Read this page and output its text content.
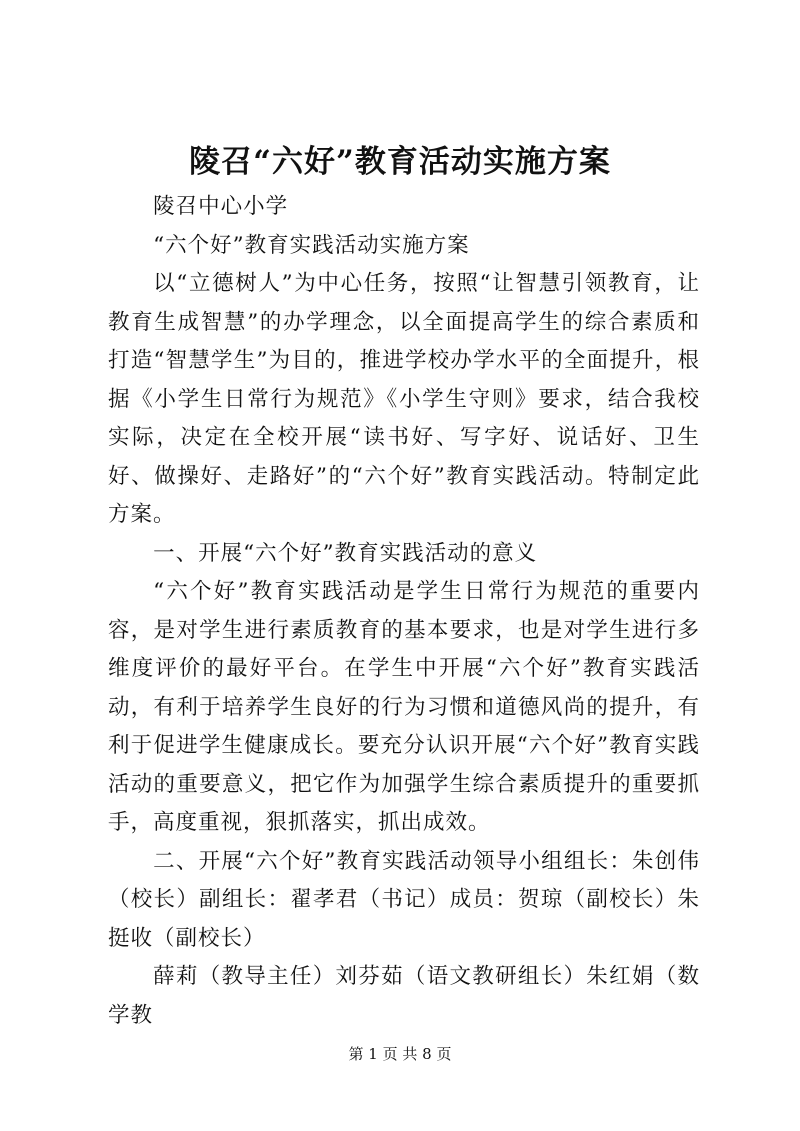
陵召“六好”教育活动实施方案

陵召中心小学

“六个好”教育实践活动实施方案

以“立德树人”为中心任务，按照“让智慧引领教育，让教育生成智慧”的办学理念，以全面提高学生的综合素质和打造“智慧学生”为目的，推进学校办学水平的全面提升，根据《小学生日常行为规范》《小学生守则》要求，结合我校实际，决定在全校开展“读书好、写字好、说话好、卫生好、做操好、走路好”的“六个好”教育实践活动。特制定此方案。

一、开展“六个好”教育实践活动的意义

“六个好”教育实践活动是学生日常行为规范的重要内容，是对学生进行素质教育的基本要求，也是对学生进行多维度评价的最好平台。在学生中开展“六个好”教育实践活动，有利于培养学生良好的行为习惯和道德风尚的提升，有利于促进学生健康成长。要充分认识开展“六个好”教育实践活动的重要意义，把它作为加强学生综合素质提升的重要抓手，高度重视，狠抓落实，抓出成效。

二、开展“六个好”教育实践活动领导小组组长：朱创伟（校长）副组长：翟孝君（书记）成员：贺琼（副校长）朱挺收（副校长）

薛莉（教导主任）刘芬茹（语文教研组长）朱红娟（数学教

第 1 页 共 8 页
